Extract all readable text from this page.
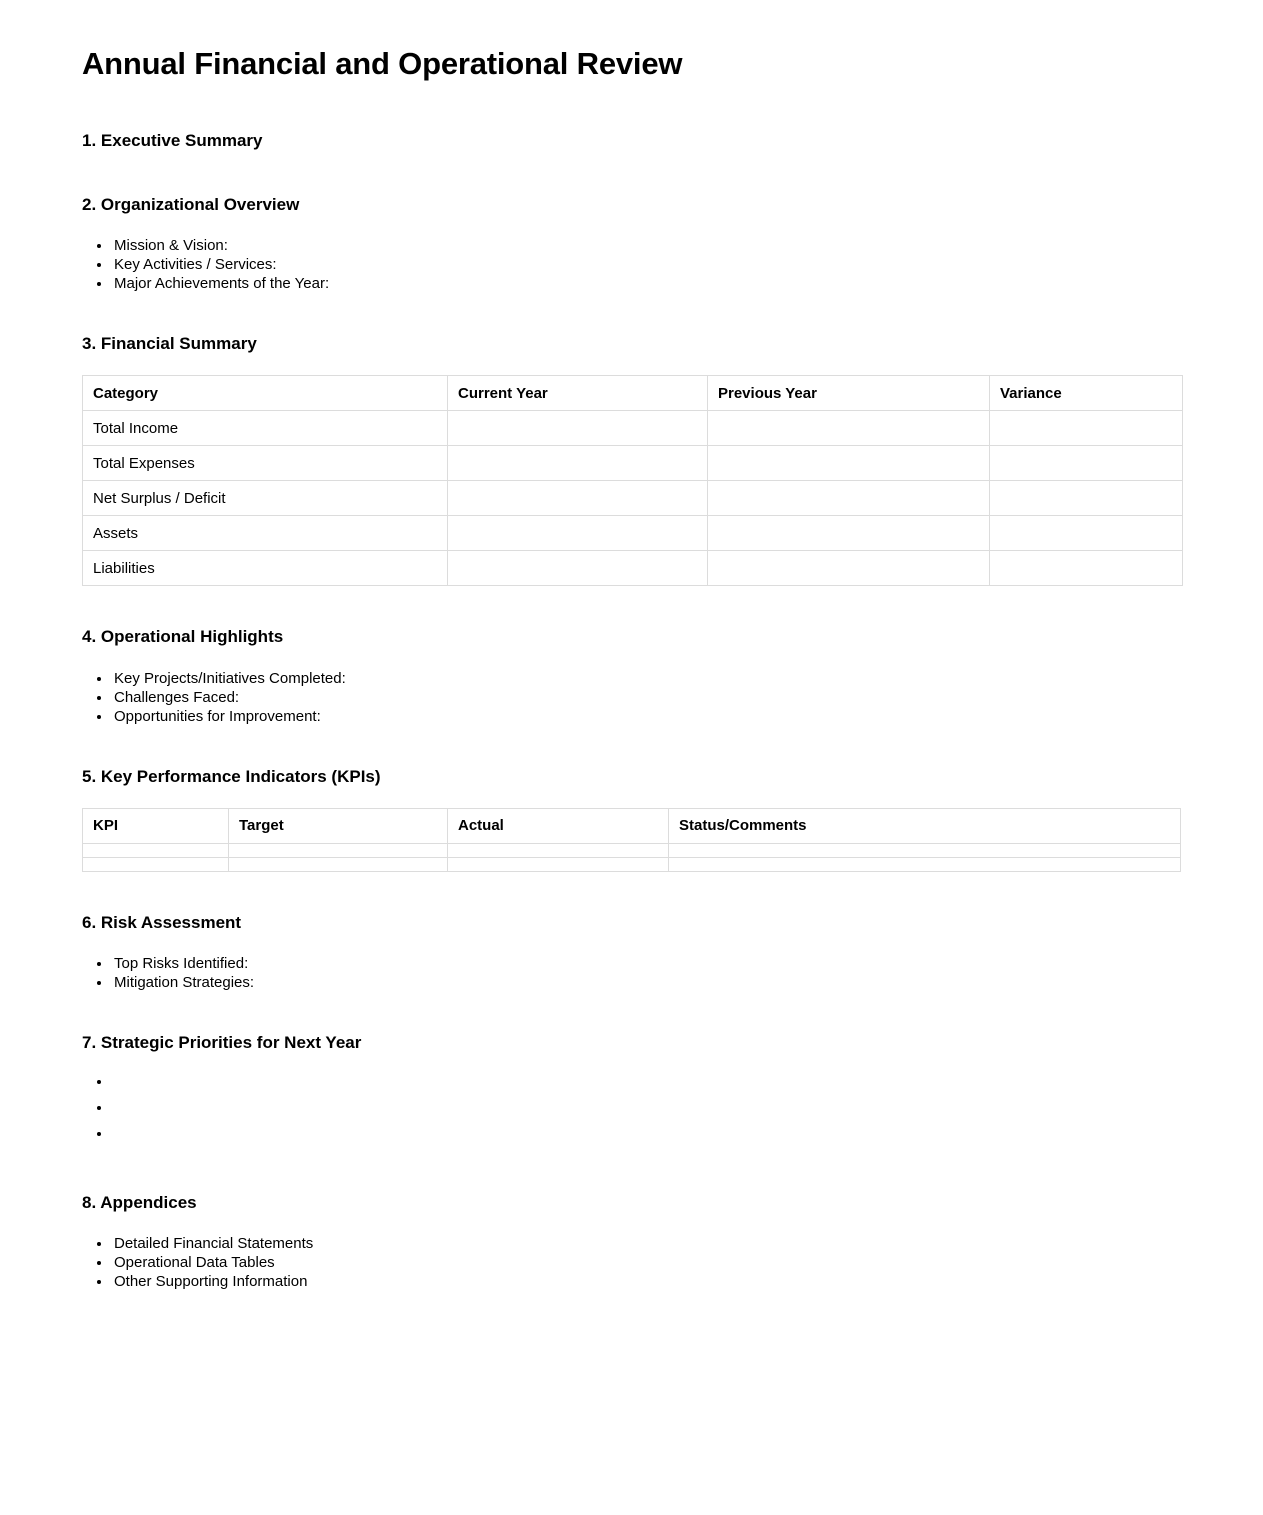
Annual Financial and Operational Review
1. Executive Summary
2. Organizational Overview
Mission & Vision:
Key Activities / Services:
Major Achievements of the Year:
3. Financial Summary
Category	Current Year	Previous Year	Variance
Total Income			
Total Expenses			
Net Surplus / Deficit			
Assets			
Liabilities			
4. Operational Highlights
Key Projects/Initiatives Completed:
Challenges Faced:
Opportunities for Improvement:
5. Key Performance Indicators (KPIs)
KPI	Target	Actual	Status/Comments

6. Risk Assessment
Top Risks Identified:
Mitigation Strategies:
7. Strategic Priorities for Next Year
8. Appendices
Detailed Financial Statements
Operational Data Tables
Other Supporting Information
